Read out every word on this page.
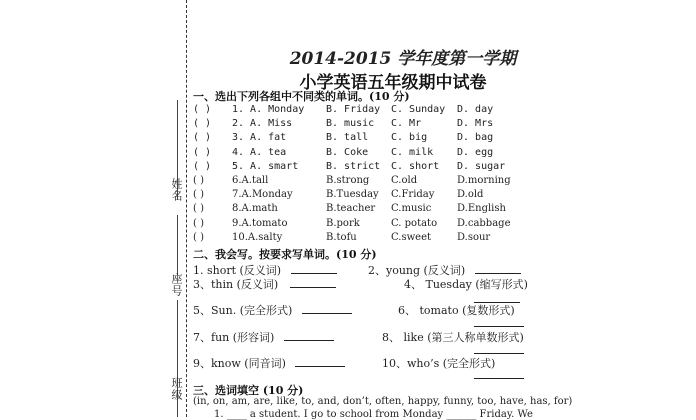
姓名
座号
班级
2014-2015 学年度第一学期
小学英语五年级期中试卷
一、选出下列各组中不同类的单词。(10 分)
( ) 1. A. Monday B. Friday C. Sunday D. day
( ) 2. A. Miss	B. music C. Mr	D. Mrs
( ) 3. A. fat	B. tall C. big	D. bag
( ) 4. A. tea	B. Coke C. milk D. egg
( ) 5. A. smart	B. strict C. short D. sugar
( )	6.A.tall	B.strong C.old	D.morning
( )	7.A.Monday	B.Tuesday C.Friday D.old
( )	8.A.math	B.teacher C.music	D.English
( )	9.A.tomato	B.pork	C. potato D.cabbage
( )	10.A.salty	B.tofu	C.sweet	D.sour
二、我会写。按要求写单词。(10 分)
1. short (反义词)	2、young (反义词)
3、thin (反义词)	4、 Tuesday (缩写形式)
5、Sun. (完全形式)	6、 tomato (复数形式)
7、fun (形容词)	8、 like (第三人称单数形式)
9、know (同音词)	10、who’s (完全形式)
三、选词填空 (10 分)
(in, on, am, are, like, to, and, don’t, often, happy, funny, too, have, has, for)
1. ____ a student. I go to school from Monday ______ Friday. We
